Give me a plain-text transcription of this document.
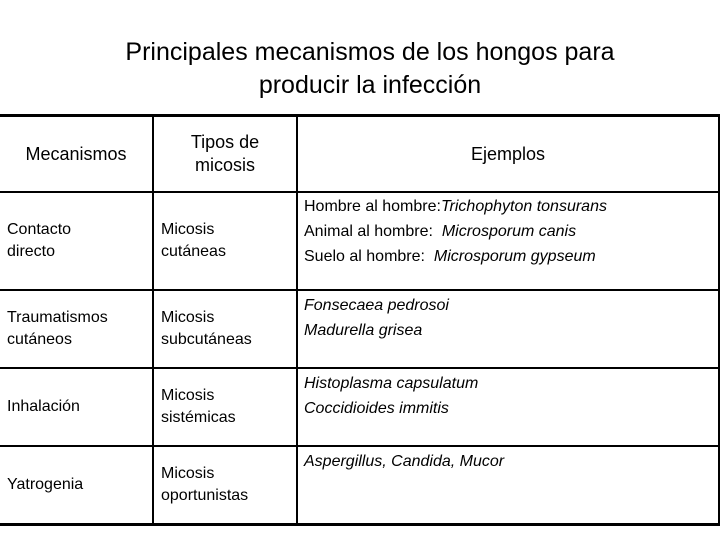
Principales mecanismos de los hongos para
producir la infección
Mecanismos
Tipos de
micosis
Ejemplos
Contacto
directo
Micosis
cutáneas
Hombre al hombre:Trichophyton tonsurans
Animal al hombre:  Microsporum canis
Suelo al hombre:  Microsporum gypseum
Traumatismos
cutáneos
Micosis
subcutáneas
Fonsecaea pedrosoi
Madurella grisea
Inhalación
Micosis
sistémicas
Histoplasma capsulatum
Coccidioides immitis
Yatrogenia
Micosis
oportunistas
Aspergillus, Candida, Mucor
